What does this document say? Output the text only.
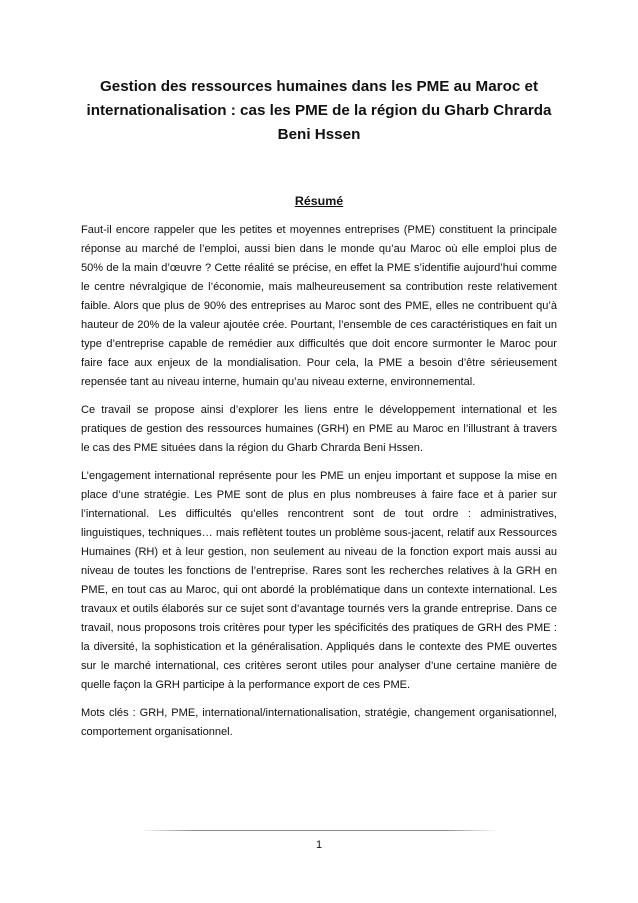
Gestion des ressources humaines dans les PME au Maroc et internationalisation : cas les PME de la région du Gharb Chrarda Beni Hssen
Résumé

Faut-il encore rappeler que les petites et moyennes entreprises (PME) constituent la principale réponse au marché de l’emploi, aussi bien dans le monde qu’au Maroc où elle emploi plus de 50% de la main d’œuvre ? Cette réalité se précise, en effet la PME s’identifie aujourd’hui comme le centre névralgique de l’économie, mais malheureusement sa contribution reste relativement faible. Alors que plus de 90% des entreprises au Maroc sont des PME, elles ne contribuent qu’à hauteur de 20% de la valeur ajoutée crée. Pourtant, l’ensemble de ces caractéristiques en fait un type d’entreprise capable de remédier aux difficultés que doit encore surmonter le Maroc pour faire face aux enjeux de la mondialisation. Pour cela, la PME a besoin d’être sérieusement repensée tant au niveau interne, humain qu’au niveau externe, environnemental.

Ce travail se propose ainsi d’explorer les liens entre le développement international et les pratiques de gestion des ressources humaines (GRH) en PME au Maroc en l’illustrant à travers le cas des PME situées dans la région du Gharb Chrarda Beni Hssen.

L’engagement international représente pour les PME un enjeu important et suppose la mise en place d’une stratégie. Les PME sont de plus en plus nombreuses à faire face et à parier sur l’international. Les difficultés qu’elles rencontrent sont de tout ordre : administratives, linguistiques, techniques… mais reflètent toutes un problème sous-jacent, relatif aux Ressources Humaines (RH) et à leur gestion, non seulement au niveau de la fonction export mais aussi au niveau de toutes les fonctions de l’entreprise. Rares sont les recherches relatives à la GRH en PME, en tout cas au Maroc, qui ont abordé la problématique dans un contexte international. Les travaux et outils élaborés sur ce sujet sont d’avantage tournés vers la grande entreprise. Dans ce travail, nous proposons trois critères pour typer les spécificités des pratiques de GRH des PME : la diversité, la sophistication et la généralisation. Appliqués dans le contexte des PME ouvertes sur le marché international, ces critères seront utiles pour analyser d’une certaine manière de quelle façon la GRH participe à la performance export de ces PME.

Mots clés : GRH, PME, international/internationalisation, stratégie, changement organisationnel, comportement organisationnel.

1
